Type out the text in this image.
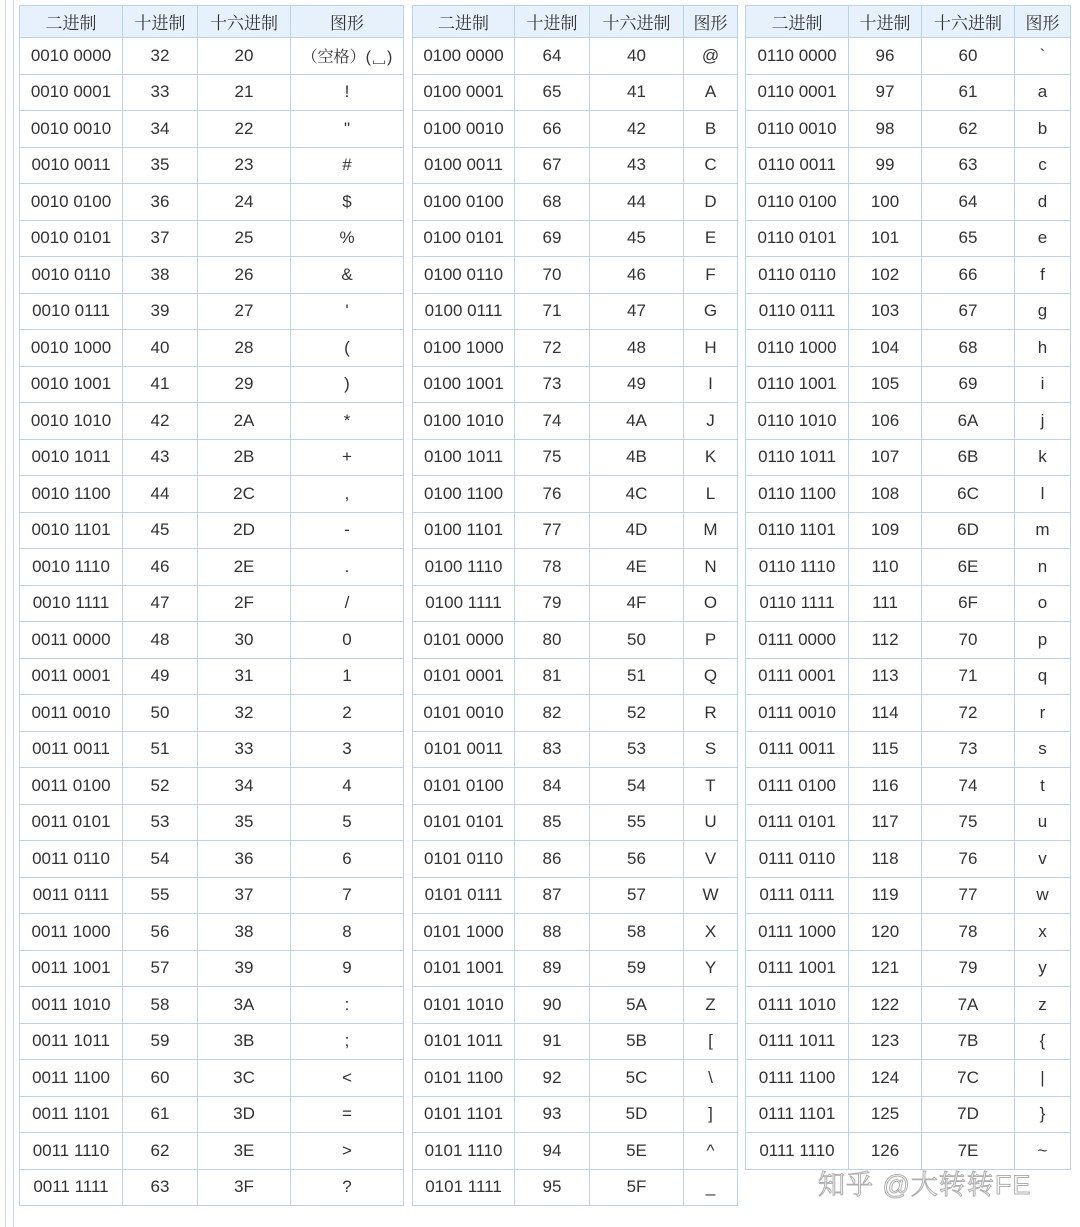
二进制	十进制	十六进制	图形
0010 0000	32	20	（空格）(␣)
0010 0001	33	21	!
0010 0010	34	22	"
0010 0011	35	23	#
0010 0100	36	24	$
0010 0101	37	25	%
0010 0110	38	26	&
0010 0111	39	27	'
0010 1000	40	28	(
0010 1001	41	29	)
0010 1010	42	2A	*
0010 1011	43	2B	+
0010 1100	44	2C	,
0010 1101	45	2D	-
0010 1110	46	2E	.
0010 1111	47	2F	/
0011 0000	48	30	0
0011 0001	49	31	1
0011 0010	50	32	2
0011 0011	51	33	3
0011 0100	52	34	4
0011 0101	53	35	5
0011 0110	54	36	6
0011 0111	55	37	7
0011 1000	56	38	8
0011 1001	57	39	9
0011 1010	58	3A	:
0011 1011	59	3B	;
0011 1100	60	3C	<
0011 1101	61	3D	=
0011 1110	62	3E	>
0011 1111	63	3F	?
二进制	十进制	十六进制	图形
0100 0000	64	40	@
0100 0001	65	41	A
0100 0010	66	42	B
0100 0011	67	43	C
0100 0100	68	44	D
0100 0101	69	45	E
0100 0110	70	46	F
0100 0111	71	47	G
0100 1000	72	48	H
0100 1001	73	49	I
0100 1010	74	4A	J
0100 1011	75	4B	K
0100 1100	76	4C	L
0100 1101	77	4D	M
0100 1110	78	4E	N
0100 1111	79	4F	O
0101 0000	80	50	P
0101 0001	81	51	Q
0101 0010	82	52	R
0101 0011	83	53	S
0101 0100	84	54	T
0101 0101	85	55	U
0101 0110	86	56	V
0101 0111	87	57	W
0101 1000	88	58	X
0101 1001	89	59	Y
0101 1010	90	5A	Z
0101 1011	91	5B	[
0101 1100	92	5C	\
0101 1101	93	5D	]
0101 1110	94	5E	^
0101 1111	95	5F	_
二进制	十进制	十六进制	图形
0110 0000	96	60	`
0110 0001	97	61	a
0110 0010	98	62	b
0110 0011	99	63	c
0110 0100	100	64	d
0110 0101	101	65	e
0110 0110	102	66	f
0110 0111	103	67	g
0110 1000	104	68	h
0110 1001	105	69	i
0110 1010	106	6A	j
0110 1011	107	6B	k
0110 1100	108	6C	l
0110 1101	109	6D	m
0110 1110	110	6E	n
0110 1111	111	6F	o
0111 0000	112	70	p
0111 0001	113	71	q
0111 0010	114	72	r
0111 0011	115	73	s
0111 0100	116	74	t
0111 0101	117	75	u
0111 0110	118	76	v
0111 0111	119	77	w
0111 1000	120	78	x
0111 1001	121	79	y
0111 1010	122	7A	z
0111 1011	123	7B	{
0111 1100	124	7C	|
0111 1101	125	7D	}
0111 1110	126	7E	~
知乎 @大转转FE
